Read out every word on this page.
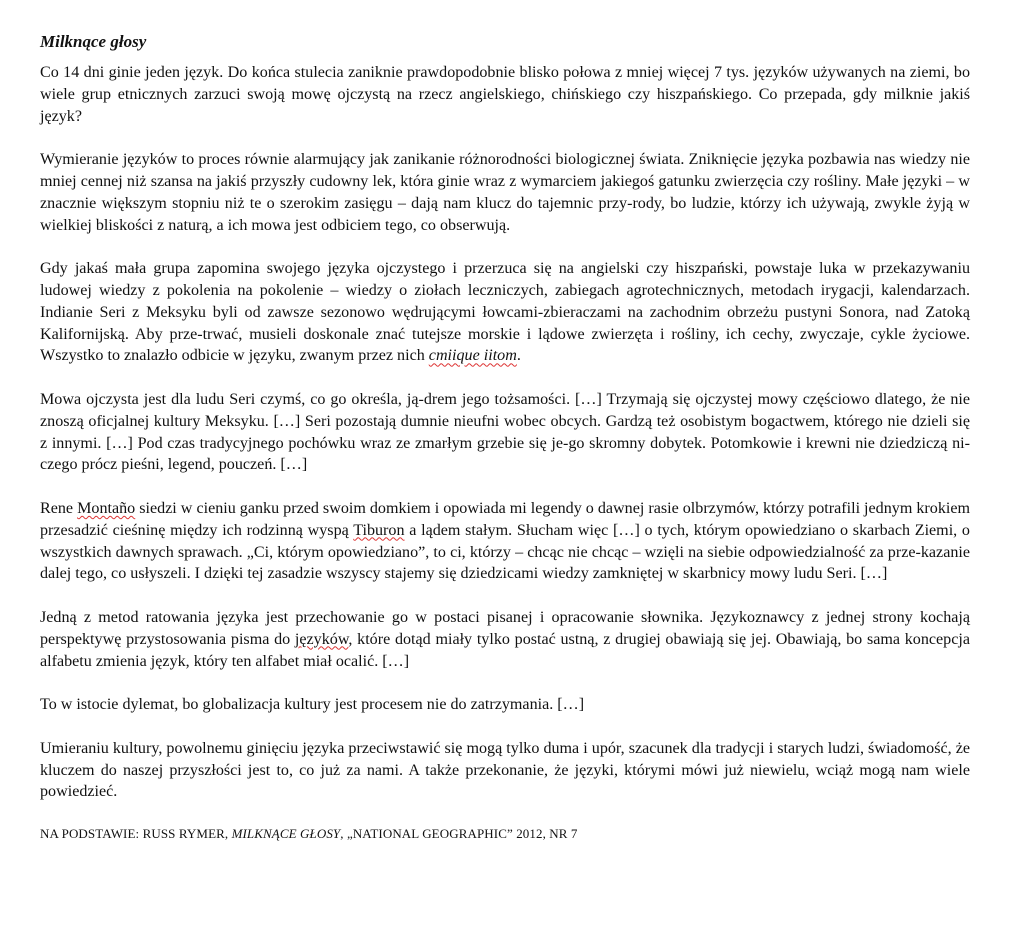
Milknące głosy

Co 14 dni ginie jeden język. Do końca stulecia zaniknie prawdopodobnie blisko połowa z mniej więcej 7 tys. języków używanych na ziemi, bo wiele grup etnicznych zarzuci swoją mowę ojczystą na rzecz angielskiego, chińskiego czy hiszpańskiego. Co przepada, gdy milknie jakiś język?

Wymieranie języków to proces równie alarmujący jak zanikanie różnorodności biologicznej świata. Zniknięcie języka pozbawia nas wiedzy nie mniej cennej niż szansa na jakiś przyszły cudowny lek, która ginie wraz z wymarciem jakiegoś gatunku zwierzęcia czy rośliny. Małe języki – w znacznie większym stopniu niż te o szerokim zasięgu – dają nam klucz do tajemnic przy-rody, bo ludzie, którzy ich używają, zwykle żyją w wielkiej bliskości z naturą, a ich mowa jest odbiciem tego, co obserwują.

Gdy jakaś mała grupa zapomina swojego języka ojczystego i przerzuca się na angielski czy hiszpański, powstaje luka w przekazywaniu ludowej wiedzy z pokolenia na pokolenie – wiedzy o ziołach leczniczych, zabiegach agrotechnicznych, metodach irygacji, kalendarzach. Indianie Seri z Meksyku byli od zawsze sezonowo wędrującymi łowcami-zbieraczami na zachodnim obrzeżu pustyni Sonora, nad Zatoką Kalifornijską. Aby prze-trwać, musieli doskonale znać tutejsze morskie i lądowe zwierzęta i rośliny, ich cechy, zwyczaje, cykle życiowe. Wszystko to znalazło odbicie w języku, zwanym przez nich cmiique iitom.

Mowa ojczysta jest dla ludu Seri czymś, co go określa, ją-drem jego tożsamości. […] Trzymają się ojczystej mowy częściowo dlatego, że nie znoszą oficjalnej kultury Meksyku. […] Seri pozostają dumnie nieufni wobec obcych. Gardzą też osobistym bogactwem, którego nie dzieli się z innymi. […] Pod czas tradycyjnego pochówku wraz ze zmarłym grzebie się je-go skromny dobytek. Potomkowie i krewni nie dziedziczą ni-czego prócz pieśni, legend, pouczeń. […]

Rene Montaño siedzi w cieniu ganku przed swoim domkiem i opowiada mi legendy o dawnej rasie olbrzymów, którzy potrafili jednym krokiem przesadzić cieśninę między ich rodzinną wyspą Tiburon a lądem stałym. Słucham więc […] o tych, którym opowiedziano o skarbach Ziemi, o wszystkich dawnych sprawach. „Ci, którym opowiedziano”, to ci, którzy – chcąc nie chcąc – wzięli na siebie odpowiedzialność za prze-kazanie dalej tego, co usłyszeli. I dzięki tej zasadzie wszyscy stajemy się dziedzicami wiedzy zamkniętej w skarbnicy mowy ludu Seri. […]

Jedną z metod ratowania języka jest przechowanie go w postaci pisanej i opracowanie słownika. Językoznawcy z jednej strony kochają perspektywę przystosowania pisma do języków, które dotąd miały tylko postać ustną, z drugiej obawiają się jej. Obawiają, bo sama koncepcja alfabetu zmienia język, który ten alfabet miał ocalić. […]

To w istocie dylemat, bo globalizacja kultury jest procesem nie do zatrzymania. […]

Umieraniu kultury, powolnemu ginięciu języka przeciwstawić się mogą tylko duma i upór, szacunek dla tradycji i starych ludzi, świadomość, że kluczem do naszej przyszłości jest to, co już za nami. A także przekonanie, że języki, którymi mówi już niewielu, wciąż mogą nam wiele powiedzieć.

NA PODSTAWIE: RUSS RYMER, MILKNĄCE GŁOSY, „NATIONAL GEOGRAPHIC” 2012, NR 7
